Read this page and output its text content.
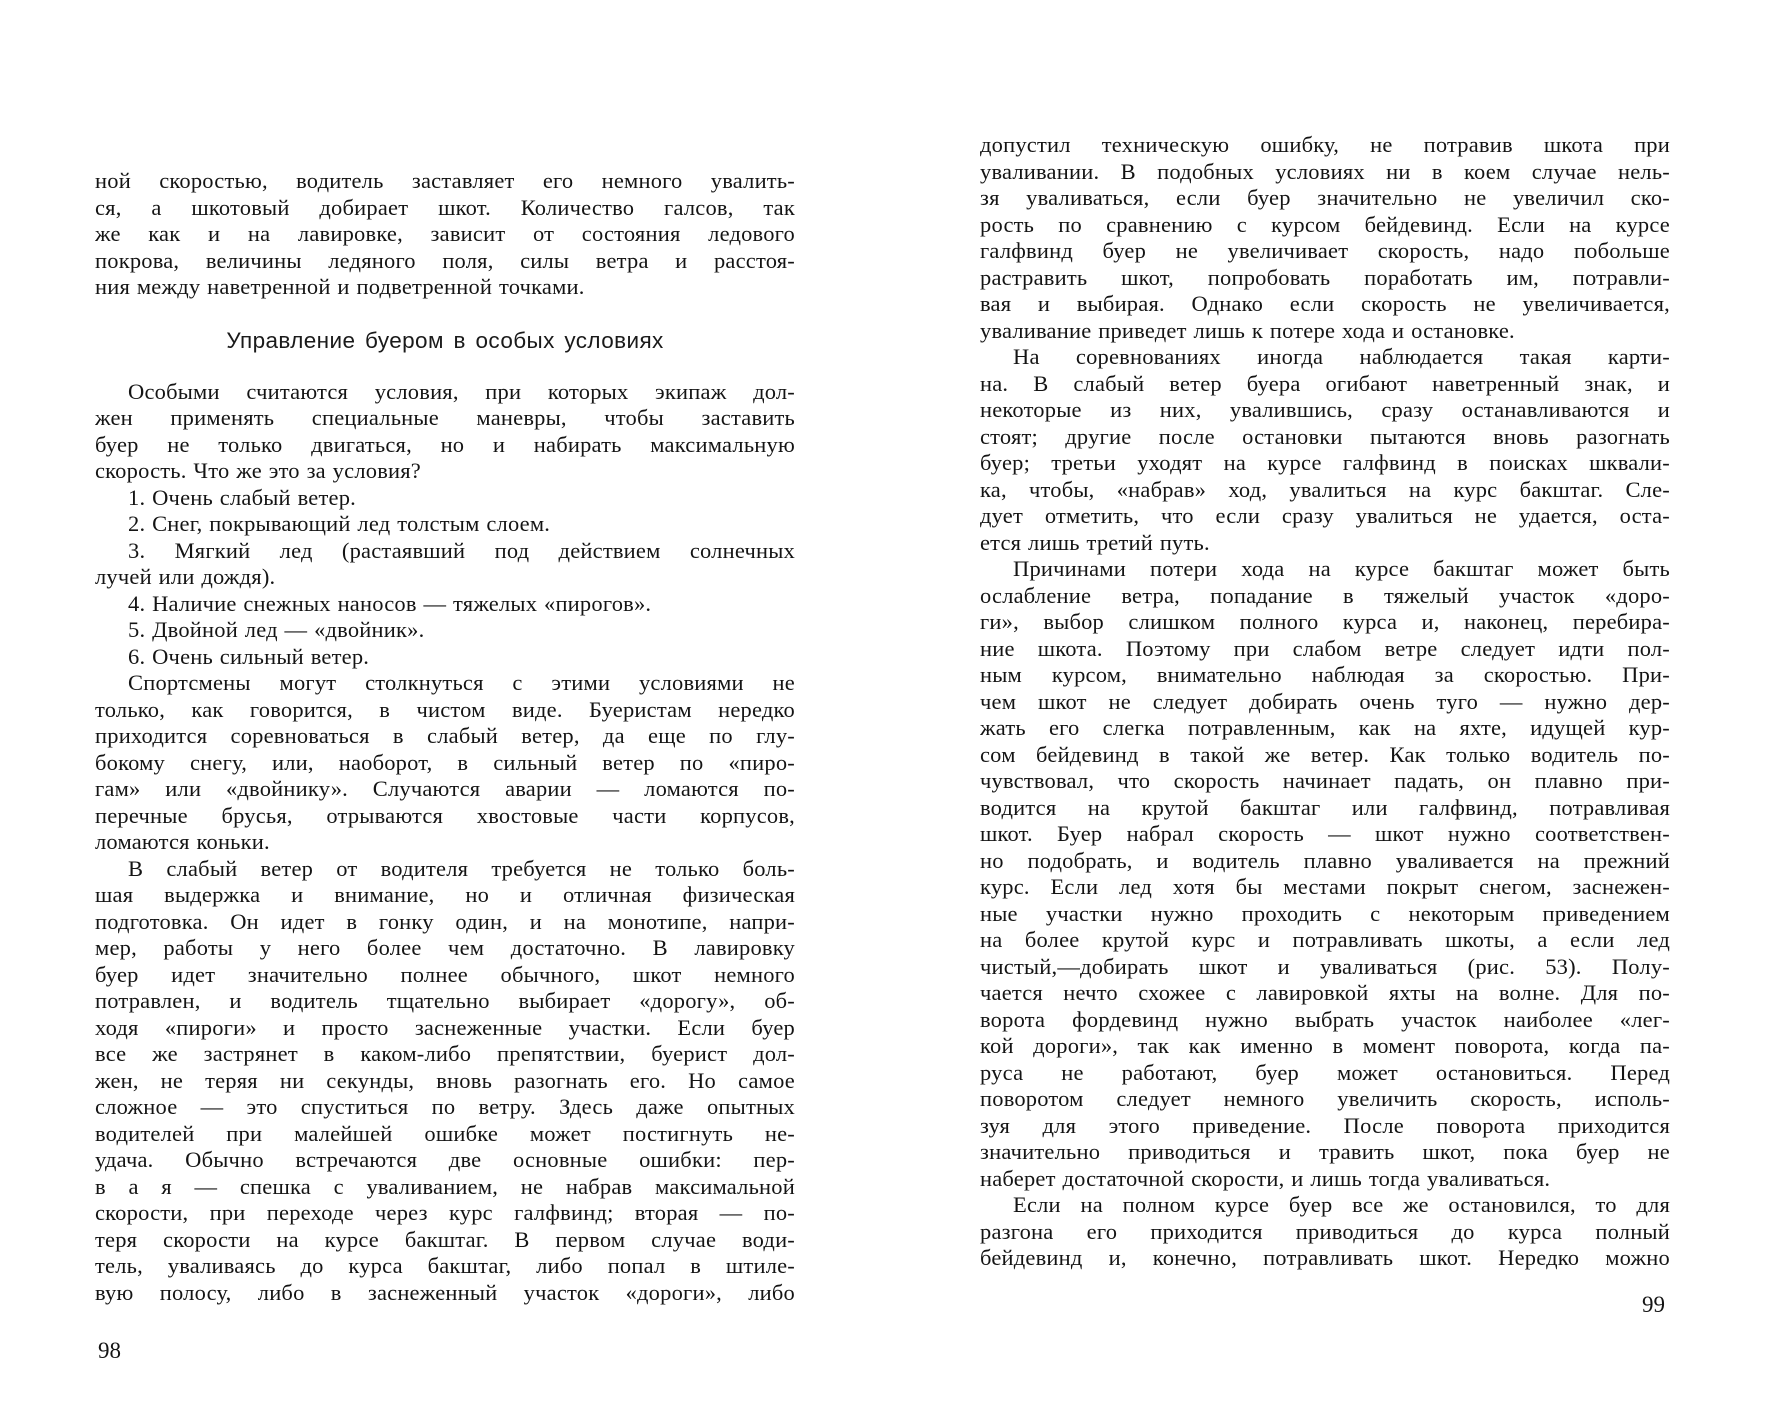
ной скоростью, водитель заставляет его немного увалить-
ся, а шкотовый добирает шкот. Количество галсов, так
же как и на лавировке, зависит от состояния ледового
покрова, величины ледяного поля, силы ветра и расстоя-
ния между наветренной и подветренной точками.
Управление буером в особых условиях
Особыми считаются условия, при которых экипаж дол-
жен применять специальные маневры, чтобы заставить
буер не только двигаться, но и набирать максимальную
скорость. Что же это за условия?
1. Очень слабый ветер.
2. Снег, покрывающий лед толстым слоем.
3. Мягкий лед (растаявший под действием солнечных
лучей или дождя).
4. Наличие снежных наносов — тяжелых «пирогов».
5. Двойной лед — «двойник».
6. Очень сильный ветер.
Спортсмены могут столкнуться с этими условиями не
только, как говорится, в чистом виде. Буеристам нередко
приходится соревноваться в слабый ветер, да еще по глу-
бокому снегу, или, наоборот, в сильный ветер по «пиро-
гам» или «двойнику». Случаются аварии — ломаются по-
перечные брусья, отрываются хвостовые части корпусов,
ломаются коньки.
В слабый ветер от водителя требуется не только боль-
шая выдержка и внимание, но и отличная физическая
подготовка. Он идет в гонку один, и на монотипе, напри-
мер, работы у него более чем достаточно. В лавировку
буер идет значительно полнее обычного, шкот немного
потравлен, и водитель тщательно выбирает «дорогу», об-
ходя «пироги» и просто заснеженные участки. Если буер
все же застрянет в каком-либо препятствии, буерист дол-
жен, не теряя ни секунды, вновь разогнать его. Но самое
сложное — это спуститься по ветру. Здесь даже опытных
водителей при малейшей ошибке может постигнуть не-
удача. Обычно встречаются две основные ошибки: пер-
в а я — спешка с уваливанием, не набрав максимальной
скорости, при переходе через курс галфвинд; вторая — по-
теря скорости на курсе бакштаг. В первом случае води-
тель, уваливаясь до курса бакштаг, либо попал в штиле-
вую полосу, либо в заснеженный участок «дороги», либо
допустил техническую ошибку, не потравив шкота при
уваливании. В подобных условиях ни в коем случае нель-
зя уваливаться, если буер значительно не увеличил ско-
рость по сравнению с курсом бейдевинд. Если на курсе
галфвинд буер не увеличивает скорость, надо побольше
растравить шкот, попробовать поработать им, потравли-
вая и выбирая. Однако если скорость не увеличивается,
уваливание приведет лишь к потере хода и остановке.
На соревнованиях иногда наблюдается такая карти-
на. В слабый ветер буера огибают наветренный знак, и
некоторые из них, увалившись, сразу останавливаются и
стоят; другие после остановки пытаются вновь разогнать
буер; третьи уходят на курсе галфвинд в поисках шквали-
ка, чтобы, «набрав» ход, увалиться на курс бакштаг. Сле-
дует отметить, что если сразу увалиться не удается, оста-
ется лишь третий путь.
Причинами потери хода на курсе бакштаг может быть
ослабление ветра, попадание в тяжелый участок «доро-
ги», выбор слишком полного курса и, наконец, перебира-
ние шкота. Поэтому при слабом ветре следует идти пол-
ным курсом, внимательно наблюдая за скоростью. При-
чем шкот не следует добирать очень туго — нужно дер-
жать его слегка потравленным, как на яхте, идущей кур-
сом бейдевинд в такой же ветер. Как только водитель по-
чувствовал, что скорость начинает падать, он плавно при-
водится на крутой бакштаг или галфвинд, потравливая
шкот. Буер набрал скорость — шкот нужно соответствен-
но подобрать, и водитель плавно уваливается на прежний
курс. Если лед хотя бы местами покрыт снегом, заснежен-
ные участки нужно проходить с некоторым приведением
на более крутой курс и потравливать шкоты, а если лед
чистый,—добирать шкот и уваливаться (рис. 53). Полу-
чается нечто схожее с лавировкой яхты на волне. Для по-
ворота фордевинд нужно выбрать участок наиболее «лег-
кой дороги», так как именно в момент поворота, когда па-
руса не работают, буер может остановиться. Перед
поворотом следует немного увеличить скорость, исполь-
зуя для этого приведение. После поворота приходится
значительно приводиться и травить шкот, пока буер не
наберет достаточной скорости, и лишь тогда уваливаться.
Если на полном курсе буер все же остановился, то для
разгона его приходится приводиться до курса полный
бейдевинд и, конечно, потравливать шкот. Нередко можно
98
99
